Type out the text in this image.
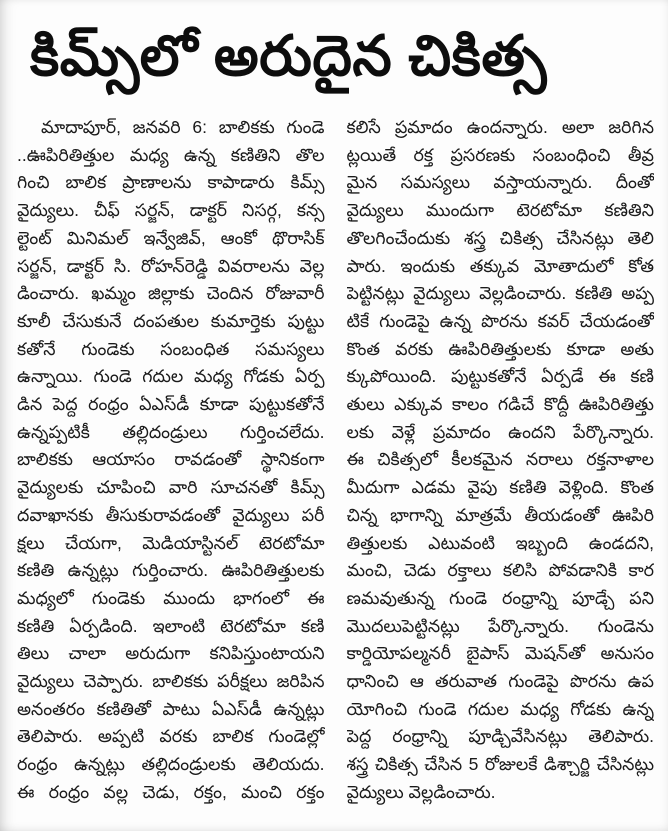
కిమ్స్‌లో అరుదైన చికిత్స
మాదాపూర్, జనవరి 6: బాలికకు గుండె
..ఊపిరితిత్తుల మధ్య ఉన్న కణితిని తొల
గించి బాలిక ప్రాణాలను కాపాడారు కిమ్స్
వైద్యులు. చీఫ్ సర్జన్, డాక్టర్ నిసర్గ, కన్స
ల్టెంట్ మినిమల్ ఇన్వేజివ్, ఆంకో థొరాసిక్
సర్జన్, డాక్టర్ సి. రోహన్‌రెడ్డి వివరాలను వెల్ల
డించారు. ఖమ్మం జిల్లాకు చెందిన రోజువారీ
కూలీ చేసుకునే దంపతుల కుమార్తెకు పుట్టు
కతోనే గుండెకు సంబంధిత సమస్యలు
ఉన్నాయి. గుండె గదుల మధ్య గోడకు ఏర్ప
డిన పెద్ద రంధ్రం ఏఎస్‌డీ కూడా పుట్టుకతోనే
ఉన్నప్పటికీ తల్లిదండ్రులు గుర్తించలేదు.
బాలికకు ఆయాసం రావడంతో స్థానికంగా
వైద్యులకు చూపించి వారి సూచనతో కిమ్స్
దవాఖానకు తీసుకురావడంతో వైద్యులు పరీ
క్షలు చేయగా, మెడియాస్టినల్ టెరటోమా
కణితి ఉన్నట్లు గుర్తించారు. ఊపిరితిత్తులకు
మధ్యలో గుండెకు ముందు భాగంలో ఈ
కణితి ఏర్పడింది. ఇలాంటి టెరటోమా కణి
తిలు చాలా అరుదుగా కనిపిస్తుంటాయని
వైద్యులు చెప్పారు. బాలికకు పరీక్షలు జరిపిన
అనంతరం కణితితో పాటు ఏఎస్‌డీ ఉన్నట్లు
తెలిపారు. అప్పటి వరకు బాలిక గుండెల్లో
రంధ్రం ఉన్నట్లు తల్లిదండ్రులకు తెలియదు.
ఈ రంధ్రం వల్ల చెడు, రక్తం, మంచి రక్తం
కలిసే ప్రమాదం ఉందన్నారు. అలా జరిగిన
ట్లయితే రక్త ప్రసరణకు సంబంధించి తీవ్ర
మైన సమస్యలు వస్తాయన్నారు. దీంతో
వైద్యులు ముందుగా టెరటోమా కణితిని
తొలగించేందుకు శస్త్ర చికిత్స చేసినట్లు తెలి
పారు. ఇందుకు తక్కువ మోతాదులో కోత
పెట్టినట్లు వైద్యులు వెల్లడించారు. కణితి అప్ప
టికే గుండెపై ఉన్న పొరను కవర్ చేయడంతో
కొంత వరకు ఊపిరితిత్తులకు కూడా అతు
క్కుపోయింది. పుట్టుకతోనే ఏర్పడే ఈ కణి
తులు ఎక్కువ కాలం గడిచే కొద్దీ ఊపిరితిత్తు
లకు వెళ్లే ప్రమాదం ఉందని పేర్కొన్నారు.
ఈ చికిత్సలో కీలకమైన నరాలు రక్తనాళాల
మీదుగా ఎడమ వైపు కణితి వెళ్లింది. కొంత
చిన్న భాగాన్ని మాత్రమే తీయడంతో ఊపిరి
తిత్తులకు ఎటువంటి ఇబ్బంది ఉండదని,
మంచి, చెడు రక్తాలు కలిసి పోవడానికి కార
ణమవుతున్న గుండె రంధ్రాన్ని పూడ్చే పని
మొదలుపెట్టినట్లు పేర్కొన్నారు. గుండెను
కార్డియోపల్మనరీ బైపాస్ మెషన్‌తో అనుసం
ధానించి ఆ తరువాత గుండెపై పొరను ఉప
యోగించి గుండె గదుల మధ్య గోడకు ఉన్న
పెద్ద రంధ్రాన్ని పూడ్చివేసినట్లు తెలిపారు.
శస్త్ర చికిత్స చేసిన 5 రోజులకే డిశ్చార్జి చేసినట్లు
వైద్యులు వెల్లడించారు.
